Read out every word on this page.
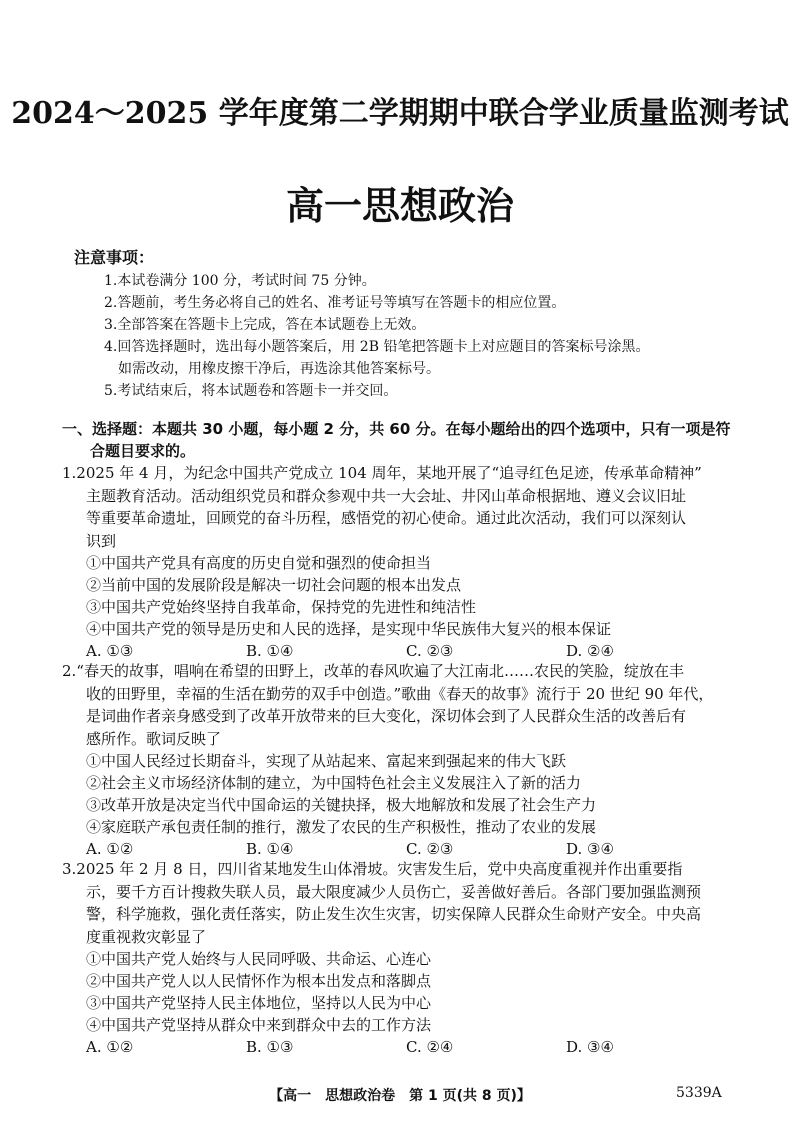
2024～2025 学年度第二学期期中联合学业质量监测考试
高一思想政治
注意事项：
1.本试卷满分 100 分，考试时间 75 分钟。
2.答题前，考生务必将自己的姓名、准考证号等填写在答题卡的相应位置。
3.全部答案在答题卡上完成，答在本试题卷上无效。
4.回答选择题时，选出每小题答案后，用 2B 铅笔把答题卡上对应题目的答案标号涂黑。
如需改动，用橡皮擦干净后，再选涂其他答案标号。
5.考试结束后，将本试题卷和答题卡一并交回。
一、选择题：本题共 30 小题，每小题 2 分，共 60 分。在每小题给出的四个选项中，只有一项是符
合题目要求的。
1.2025 年 4 月，为纪念中国共产党成立 104 周年，某地开展了“追寻红色足迹，传承革命精神”
主题教育活动。活动组织党员和群众参观中共一大会址、井冈山革命根据地、遵义会议旧址
等重要革命遗址，回顾党的奋斗历程，感悟党的初心使命。通过此次活动，我们可以深刻认
识到
①中国共产党具有高度的历史自觉和强烈的使命担当
②当前中国的发展阶段是解决一切社会问题的根本出发点
③中国共产党始终坚持自我革命，保持党的先进性和纯洁性
④中国共产党的领导是历史和人民的选择，是实现中华民族伟大复兴的根本保证
A. ①③	B. ①④	C. ②③	D. ②④
2.“春天的故事，唱响在希望的田野上，改革的春风吹遍了大江南北……农民的笑脸，绽放在丰
收的田野里，幸福的生活在勤劳的双手中创造。”歌曲《春天的故事》流行于 20 世纪 90 年代，
是词曲作者亲身感受到了改革开放带来的巨大变化，深切体会到了人民群众生活的改善后有
感所作。歌词反映了
①中国人民经过长期奋斗，实现了从站起来、富起来到强起来的伟大飞跃
②社会主义市场经济体制的建立，为中国特色社会主义发展注入了新的活力
③改革开放是决定当代中国命运的关键抉择，极大地解放和发展了社会生产力
④家庭联产承包责任制的推行，激发了农民的生产积极性，推动了农业的发展
A. ①②	B. ①④	C. ②③	D. ③④
3.2025 年 2 月 8 日，四川省某地发生山体滑坡。灾害发生后，党中央高度重视并作出重要指
示，要千方百计搜救失联人员，最大限度减少人员伤亡，妥善做好善后。各部门要加强监测预
警，科学施救，强化责任落实，防止发生次生灾害，切实保障人民群众生命财产安全。中央高
度重视救灾彰显了
①中国共产党人始终与人民同呼吸、共命运、心连心
②中国共产党人以人民情怀作为根本出发点和落脚点
③中国共产党坚持人民主体地位，坚持以人民为中心
④中国共产党坚持从群众中来到群众中去的工作方法
A. ①②	B. ①③	C. ②④	D. ③④
【高一　思想政治卷　第 1 页(共 8 页)】	5339A
